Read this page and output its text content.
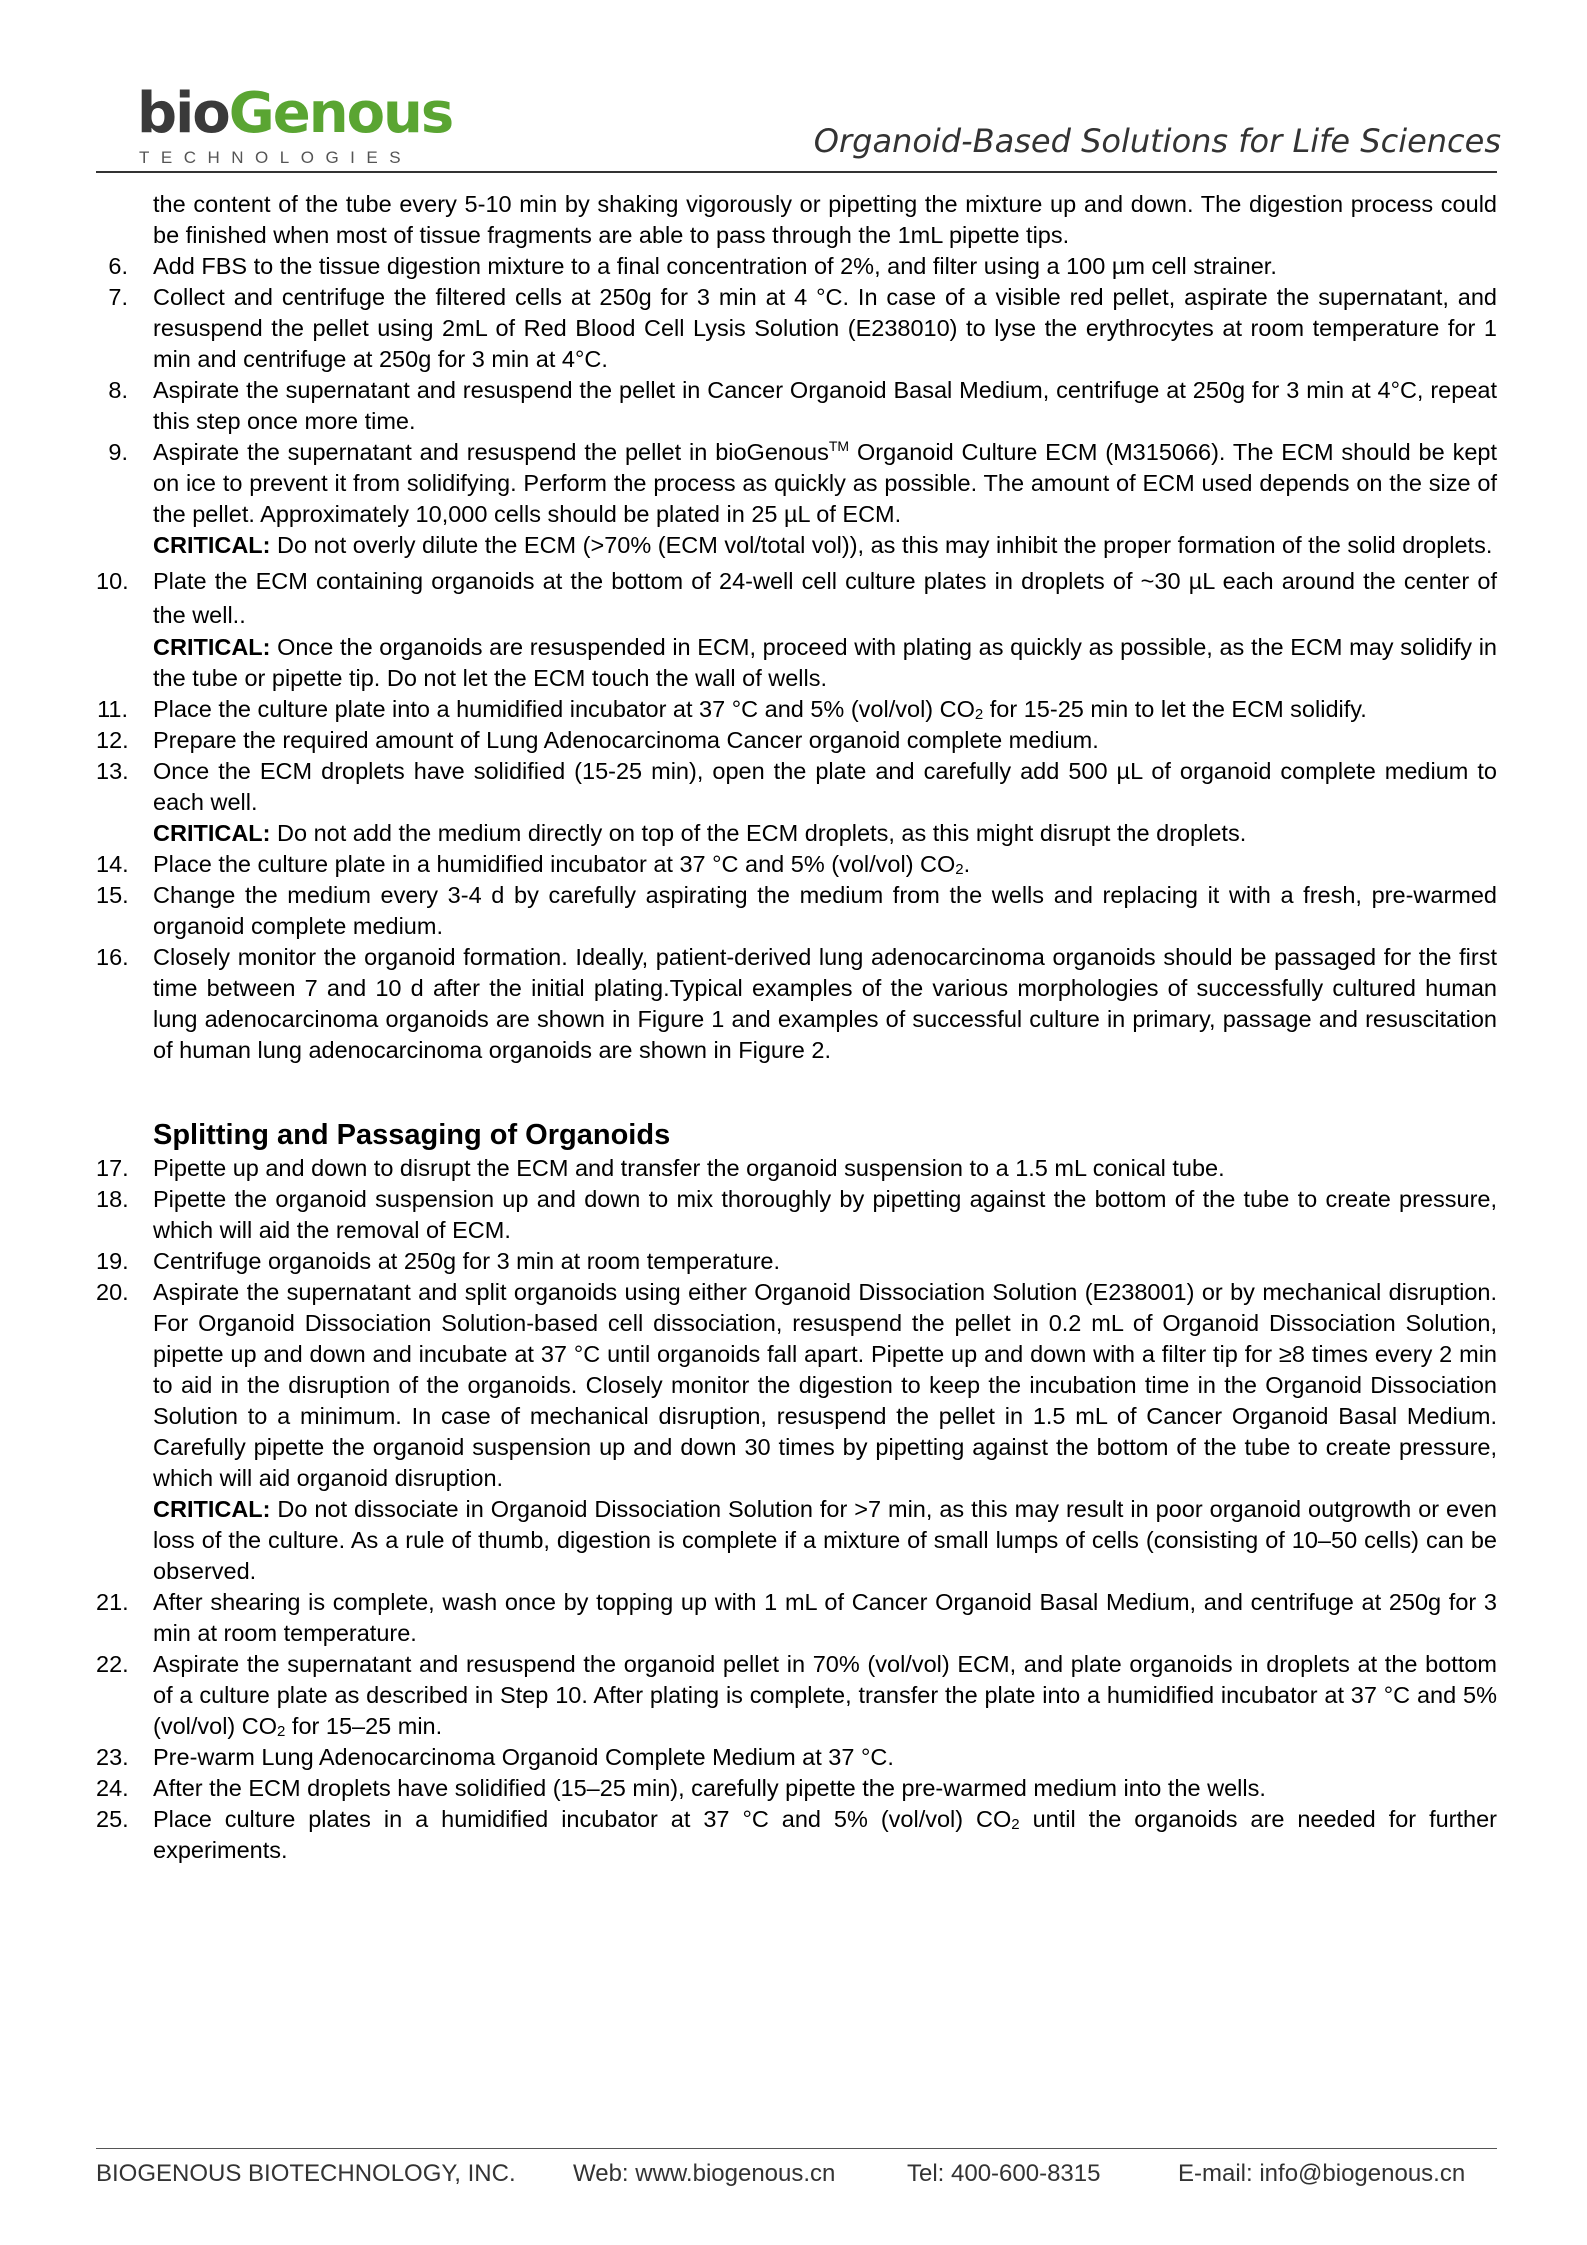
bioGenous
TECHNOLOGIES	Organoid-Based Solutions for Life Sciences

the content of the tube every 5-10 min by shaking vigorously or pipetting the mixture up and down. The digestion process could be finished when most of tissue fragments are able to pass through the 1mL pipette tips.

6. Add FBS to the tissue digestion mixture to a final concentration of 2%, and filter using a 100 µm cell strainer.
7. Collect and centrifuge the filtered cells at 250g for 3 min at 4 °C. In case of a visible red pellet, aspirate the supernatant, and resuspend the pellet using 2mL of Red Blood Cell Lysis Solution (E238010) to lyse the erythrocytes at room temperature for 1 min and centrifuge at 250g for 3 min at 4°C.
8. Aspirate the supernatant and resuspend the pellet in Cancer Organoid Basal Medium, centrifuge at 250g for 3 min at 4°C, repeat this step once more time.
9. Aspirate the supernatant and resuspend the pellet in bioGenous™ Organoid Culture ECM (M315066). The ECM should be kept on ice to prevent it from solidifying. Perform the process as quickly as possible. The amount of ECM used depends on the size of the pellet. Approximately 10,000 cells should be plated in 25 µL of ECM.
CRITICAL: Do not overly dilute the ECM (>70% (ECM vol/total vol)), as this may inhibit the proper formation of the solid droplets.
10. Plate the ECM containing organoids at the bottom of 24-well cell culture plates in droplets of ~30 µL each around the center of the well..
CRITICAL: Once the organoids are resuspended in ECM, proceed with plating as quickly as possible, as the ECM may solidify in the tube or pipette tip. Do not let the ECM touch the wall of wells.
11. Place the culture plate into a humidified incubator at 37 °C and 5% (vol/vol) $CO_2$ for 15-25 min to let the ECM solidify.
12. Prepare the required amount of Lung Adenocarcinoma Cancer organoid complete medium.
13. Once the ECM droplets have solidified (15-25 min), open the plate and carefully add 500 µL of organoid complete medium to each well.
CRITICAL: Do not add the medium directly on top of the ECM droplets, as this might disrupt the droplets.
14. Place the culture plate in a humidified incubator at 37 °C and 5% (vol/vol) $CO_2$.
15. Change the medium every 3-4 d by carefully aspirating the medium from the wells and replacing it with a fresh, pre-warmed organoid complete medium.
16. Closely monitor the organoid formation. Ideally, patient-derived lung adenocarcinoma organoids should be passaged for the first time between 7 and 10 d after the initial plating.Typical examples of the various morphologies of successfully cultured human lung adenocarcinoma organoids are shown in Figure 1 and examples of successful culture in primary, passage and resuscitation of human lung adenocarcinoma organoids are shown in Figure 2.
Splitting and Passaging of Organoids
17. Pipette up and down to disrupt the ECM and transfer the organoid suspension to a 1.5 mL conical tube.
18. Pipette the organoid suspension up and down to mix thoroughly by pipetting against the bottom of the tube to create pressure, which will aid the removal of ECM.
19. Centrifuge organoids at 250g for 3 min at room temperature.
20. Aspirate the supernatant and split organoids using either Organoid Dissociation Solution (E238001) or by mechanical disruption. For Organoid Dissociation Solution-based cell dissociation, resuspend the pellet in 0.2 mL of Organoid Dissociation Solution, pipette up and down and incubate at 37 °C until organoids fall apart. Pipette up and down with a filter tip for ≥8 times every 2 min to aid in the disruption of the organoids. Closely monitor the digestion to keep the incubation time in the Organoid Dissociation Solution to a minimum. In case of mechanical disruption, resuspend the pellet in 1.5 mL of Cancer Organoid Basal Medium. Carefully pipette the organoid suspension up and down 30 times by pipetting against the bottom of the tube to create pressure, which will aid organoid disruption.
CRITICAL: Do not dissociate in Organoid Dissociation Solution for >7 min, as this may result in poor organoid outgrowth or even loss of the culture. As a rule of thumb, digestion is complete if a mixture of small lumps of cells (consisting of 10–50 cells) can be observed.
21. After shearing is complete, wash once by topping up with 1 mL of Cancer Organoid Basal Medium, and centrifuge at 250g for 3 min at room temperature.
22. Aspirate the supernatant and resuspend the organoid pellet in 70% (vol/vol) ECM, and plate organoids in droplets at the bottom of a culture plate as described in Step 10. After plating is complete, transfer the plate into a humidified incubator at 37 °C and 5% (vol/vol) $CO_2$ for 15–25 min.
23. Pre-warm Lung Adenocarcinoma Organoid Complete Medium at 37 °C.
24. After the ECM droplets have solidified (15–25 min), carefully pipette the pre-warmed medium into the wells.
25. Place culture plates in a humidified incubator at 37 °C and 5% (vol/vol) $CO_2$ until the organoids are needed for further experiments.
BIOGENOUS BIOTECHNOLOGY, INC. Web: www.biogenous.cn	Tel: 400-600-8315	E-mail: info@biogenous.cn
